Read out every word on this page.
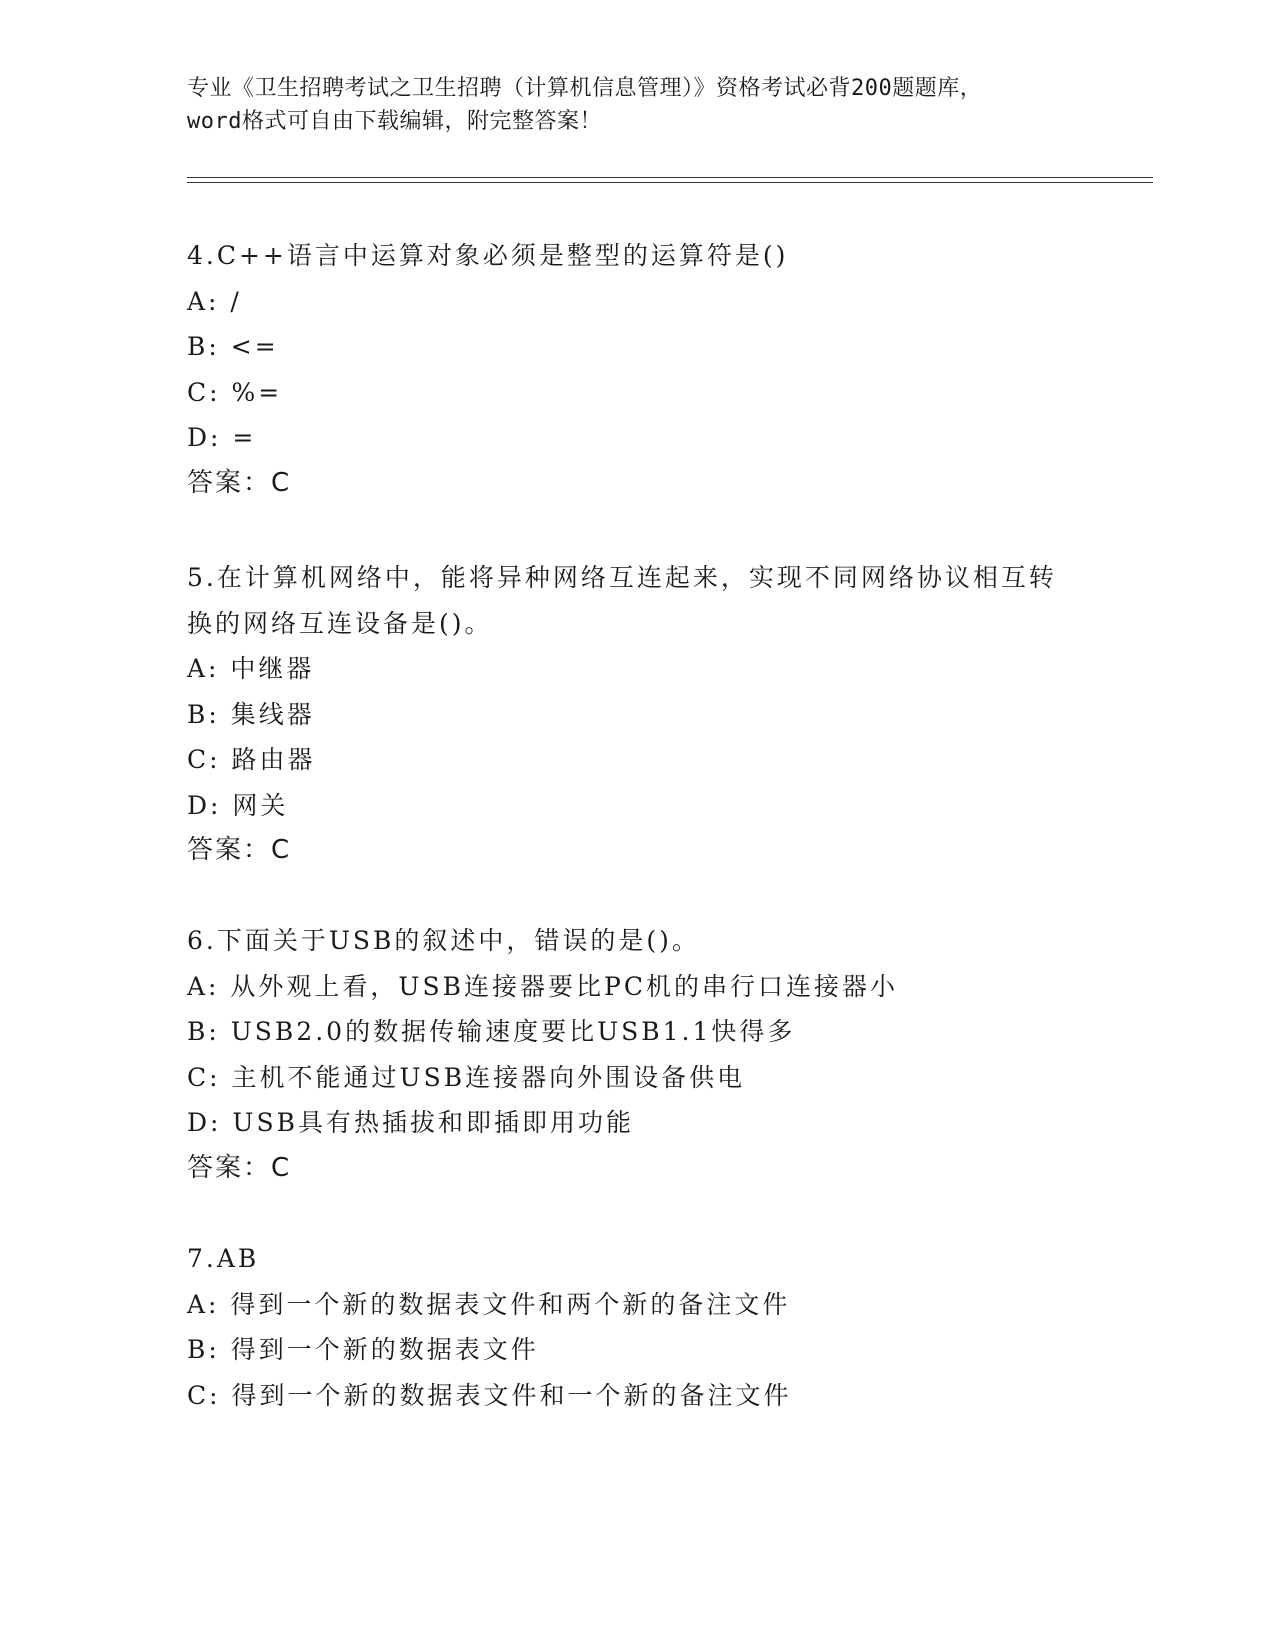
专业《卫生招聘考试之卫生招聘（计算机信息管理）》资格考试必背200题题库，
word格式可自由下载编辑，附完整答案！
4.C++语言中运算对象必须是整型的运算符是()
A: /
B: <=
C: %=
D: =
答案：C
5.在计算机网络中，能将异种网络互连起来，实现不同网络协议相互转换的网络互连设备是()。
A: 中继器
B: 集线器
C: 路由器
D: 网关
答案：C
6.下面关于USB的叙述中，错误的是()。
A: 从外观上看，USB连接器要比PC机的串行口连接器小
B: USB2.0的数据传输速度要比USB1.1快得多
C: 主机不能通过USB连接器向外围设备供电
D: USB具有热插拔和即插即用功能
答案：C
7.AB
A: 得到一个新的数据表文件和两个新的备注文件
B: 得到一个新的数据表文件
C: 得到一个新的数据表文件和一个新的备注文件
